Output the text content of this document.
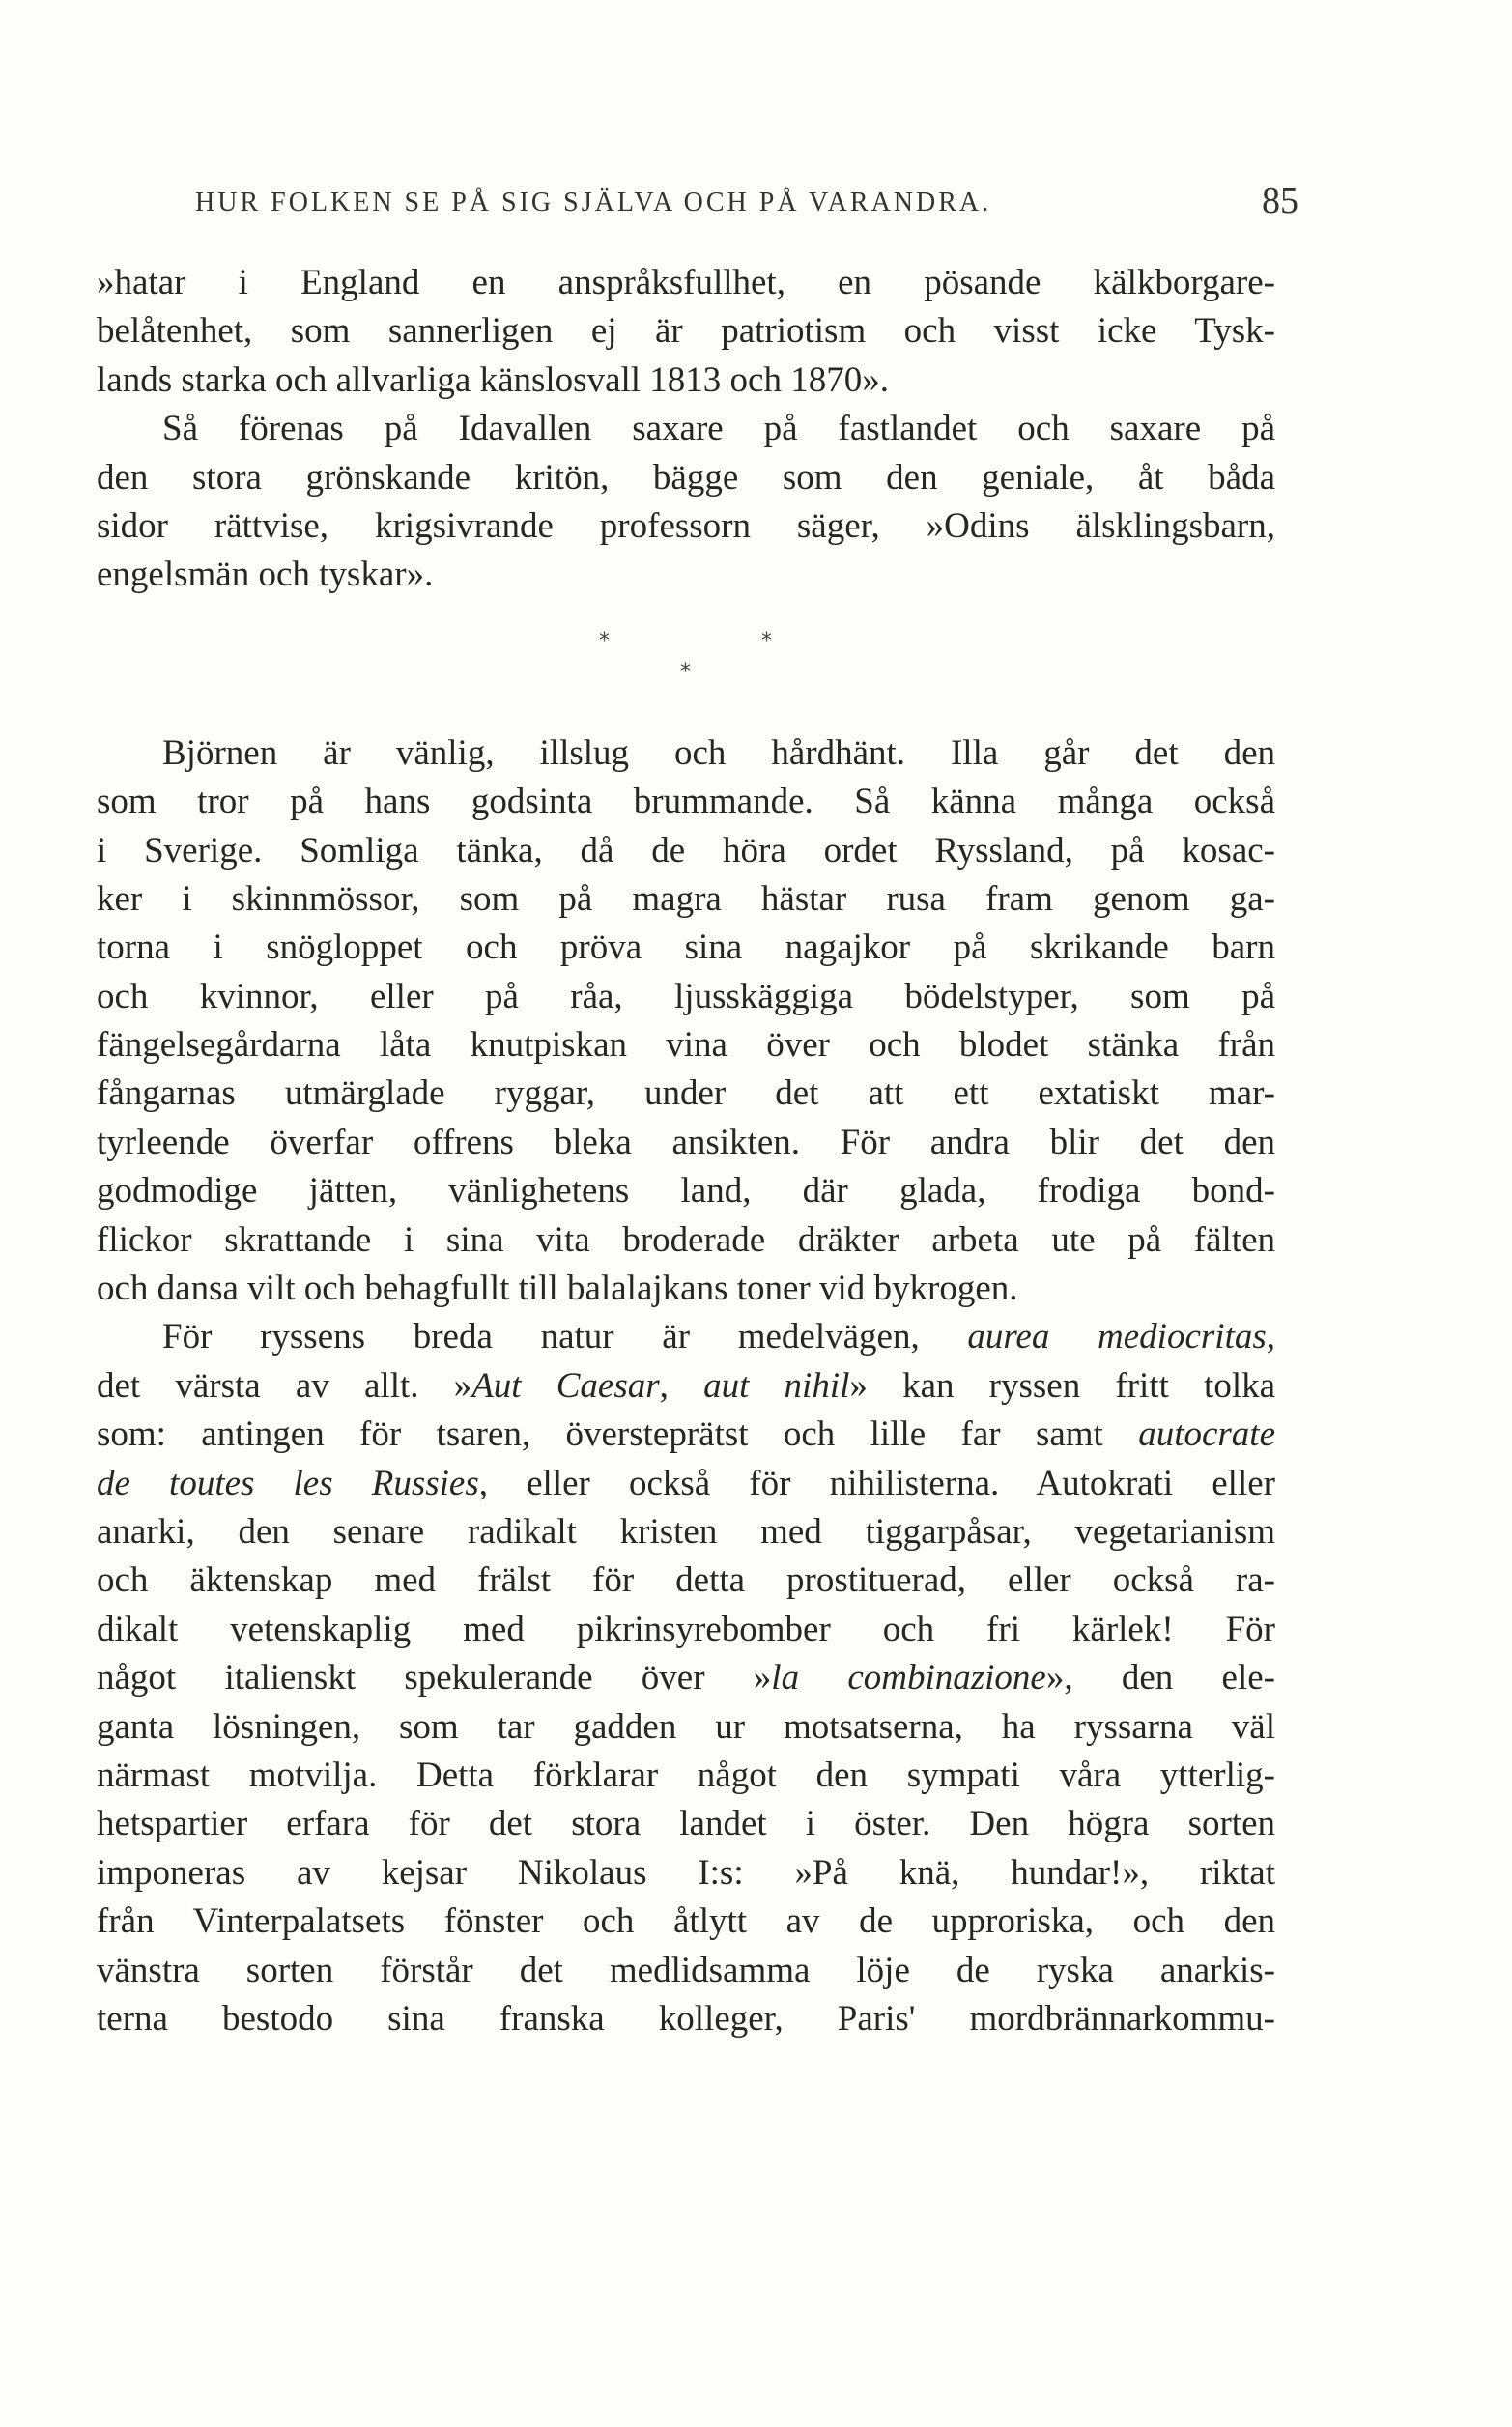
HUR FOLKEN SE PÅ SIG SJÄLVA OCH PÅ VARANDRA.	85
»hatar i England en anspråksfullhet, en pösande kälkborgare-
belåtenhet, som sannerligen ej är patriotism och visst icke Tysk-
lands starka och allvarliga känslosvall 1813 och 1870».
Så förenas på Idavallen saxare på fastlandet och saxare på
den stora grönskande kritön, bägge som den geniale, åt båda
sidor rättvise, krigsivrande professorn säger, »Odins älsklingsbarn,
engelsmän och tyskar».
*	*
*
Björnen är vänlig, illslug och hårdhänt. Illa går det den
som tror på hans godsinta brummande. Så känna många också
i Sverige. Somliga tänka, då de höra ordet Ryssland, på kosac-
ker i skinnmössor, som på magra hästar rusa fram genom ga-
torna i snögloppet och pröva sina nagajkor på skrikande barn
och kvinnor, eller på råa, ljusskäggiga bödelstyper, som på
fängelsegårdarna låta knutpiskan vina över och blodet stänka från
fångarnas utmärglade ryggar, under det att ett extatiskt mar-
tyrleende överfar offrens bleka ansikten. För andra blir det den
godmodige jätten, vänlighetens land, där glada, frodiga bond-
flickor skrattande i sina vita broderade dräkter arbeta ute på fälten
och dansa vilt och behagfullt till balalajkans toner vid bykrogen.
För ryssens breda natur är medelvägen, aurea mediocritas,
det värsta av allt. »Aut Caesar, aut nihil» kan ryssen fritt tolka
som: antingen för tsaren, översteprätst och lille far samt autocrate
de toutes les Russies, eller också för nihilisterna. Autokrati eller
anarki, den senare radikalt kristen med tiggarpåsar, vegetarianism
och äktenskap med frälst för detta prostituerad, eller också ra-
dikalt vetenskaplig med pikrinsyrebomber och fri kärlek! För
något italienskt spekulerande över »la combinazione», den ele-
ganta lösningen, som tar gadden ur motsatserna, ha ryssarna väl
närmast motvilja. Detta förklarar något den sympati våra ytterlig-
hetspartier erfara för det stora landet i öster. Den högra sorten
imponeras av kejsar Nikolaus I:s: »På knä, hundar!», riktat
från Vinterpalatsets fönster och åtlytt av de upproriska, och den
vänstra sorten förstår det medlidsamma löje de ryska anarkis-
terna bestodo sina franska kolleger, Paris' mordbrännarkommu-
